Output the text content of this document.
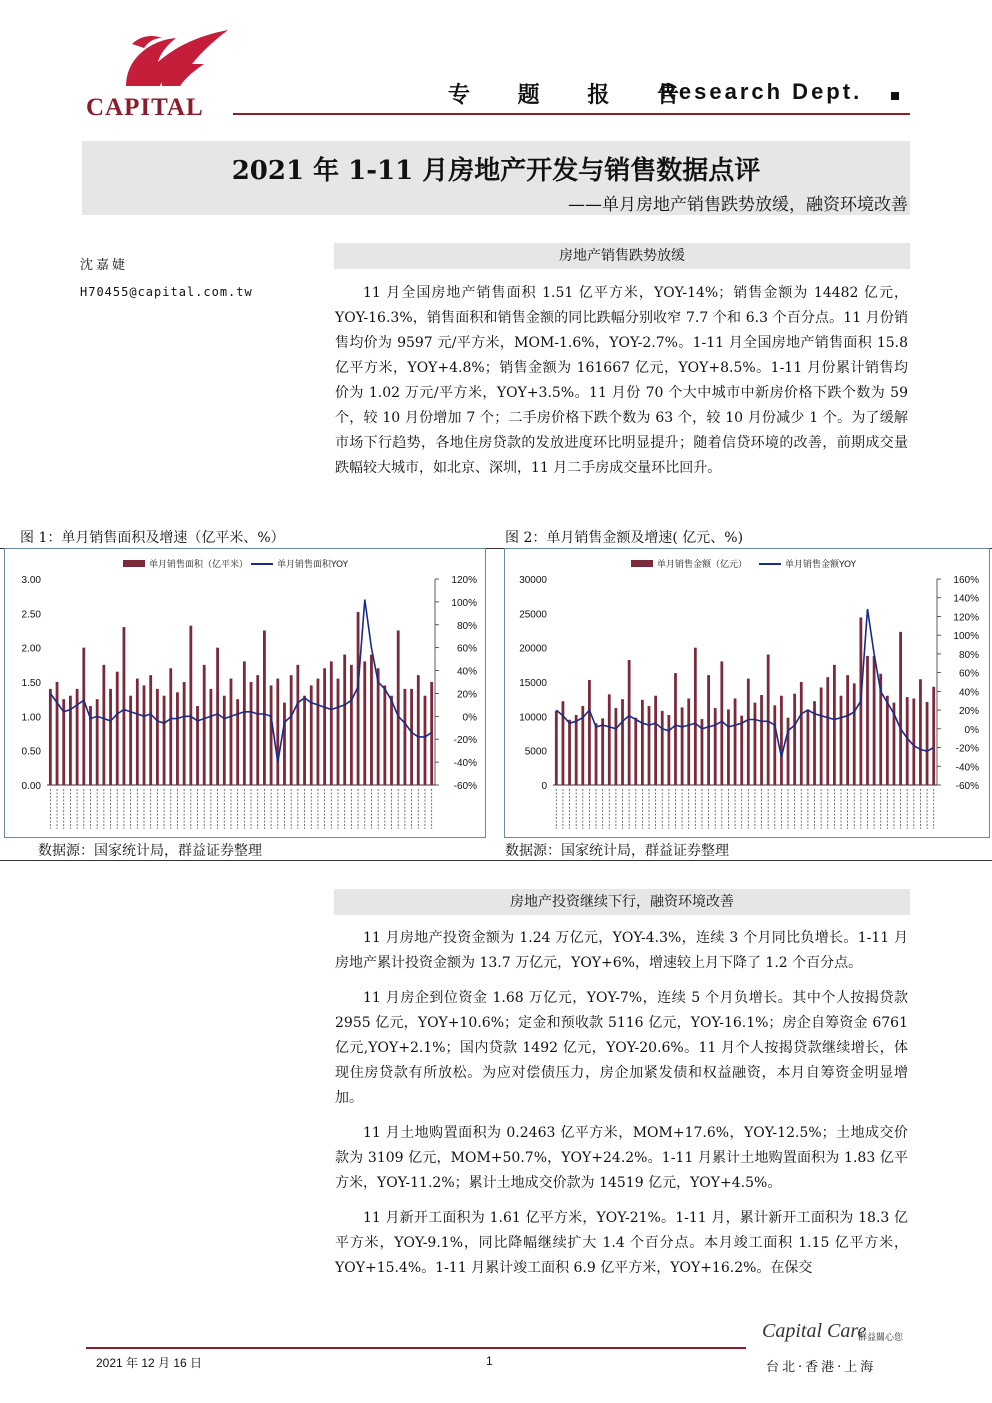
CAPITAL	专 题 报 告
Research Dept.
2021 年 1-11 月房地产开发与销售数据点评
——单月房地产销售跌势放缓，融资环境改善
沈嘉婕
H70455@capital.com.tw
房地产销售跌势放缓

11 月全国房地产销售面积 1.51 亿平方米，YOY-14%；销售金额为 14482 亿元，YOY-16.3%，销售面积和销售金额的同比跌幅分别收窄 7.7 个和 6.3 个百分点。11 月份销售均价为 9597 元/平方米，MOM-1.6%，YOY-2.7%。1-11 月全国房地产销售面积 15.8 亿平方米，YOY+4.8%；销售金额为 161667 亿元，YOY+8.5%。1-11 月份累计销售均价为 1.02 万元/平方米，YOY+3.5%。11 月份 70 个大中城市中新房价格下跌个数为 59 个，较 10 月份增加 7 个；二手房价格下跌个数为 63 个，较 10 月份减少 1 个。为了缓解市场下行趋势，各地住房贷款的发放进度环比明显提升；随着信贷环境的改善，前期成交量跌幅较大城市，如北京、深圳，11 月二手房成交量环比回升。

图 1：单月销售面积及增速（亿平米、%）	图 2：单月销售金额及增速( 亿元、%)
单月销售面积（亿平米）	单月销售面积YOY
3.00
2.50
2.00
1.50
1.00
0.50
0.00
120%
100%
80%
60%
40%
20%
0%
-20%
-40%
-60%
单月销售金额（亿元）	单月销售金额YOY
30000
25000
20000
15000
10000
5000
0
160%
140%
120%
100%
80%
60%
40%
20%
0%
-20%
-40%
-60%
数据源：国家统计局，群益证券整理	数据源：国家统计局，群益证券整理
房地产投资继续下行，融资环境改善

11 月房地产投资金额为 1.24 万亿元，YOY-4.3%，连续 3 个月同比负增长。1-11 月房地产累计投资金额为 13.7 万亿元，YOY+6%，增速较上月下降了 1.2 个百分点。

11 月房企到位资金 1.68 万亿元，YOY-7%，连续 5 个月负增长。其中个人按揭贷款 2955 亿元，YOY+10.6%；定金和预收款 5116 亿元，YOY-16.1%；房企自筹资金 6761 亿元,YOY+2.1%；国内贷款 1492 亿元，YOY-20.6%。11 月个人按揭贷款继续增长，体现住房贷款有所放松。为应对偿债压力，房企加紧发债和权益融资，本月自筹资金明显增加。

11 月土地购置面积为 0.2463 亿平方米，MOM+17.6%，YOY-12.5%；土地成交价款为 3109 亿元，MOM+50.7%，YOY+24.2%。1-11 月累计土地购置面积为 1.83 亿平方米，YOY-11.2%；累计土地成交价款为 14519 亿元，YOY+4.5%。

11 月新开工面积为 1.61 亿平方米，YOY-21%。1-11 月，累计新开工面积为 18.3 亿平方米，YOY-9.1%，同比降幅继续扩大 1.4 个百分点。本月竣工面积 1.15 亿平方米，YOY+15.4%。1-11 月累计竣工面积 6.9 亿平方米，YOY+16.2%。在保交

Capital Care
群益關心您
2021 年 12 月 16 日	1	台北·香港·上海
